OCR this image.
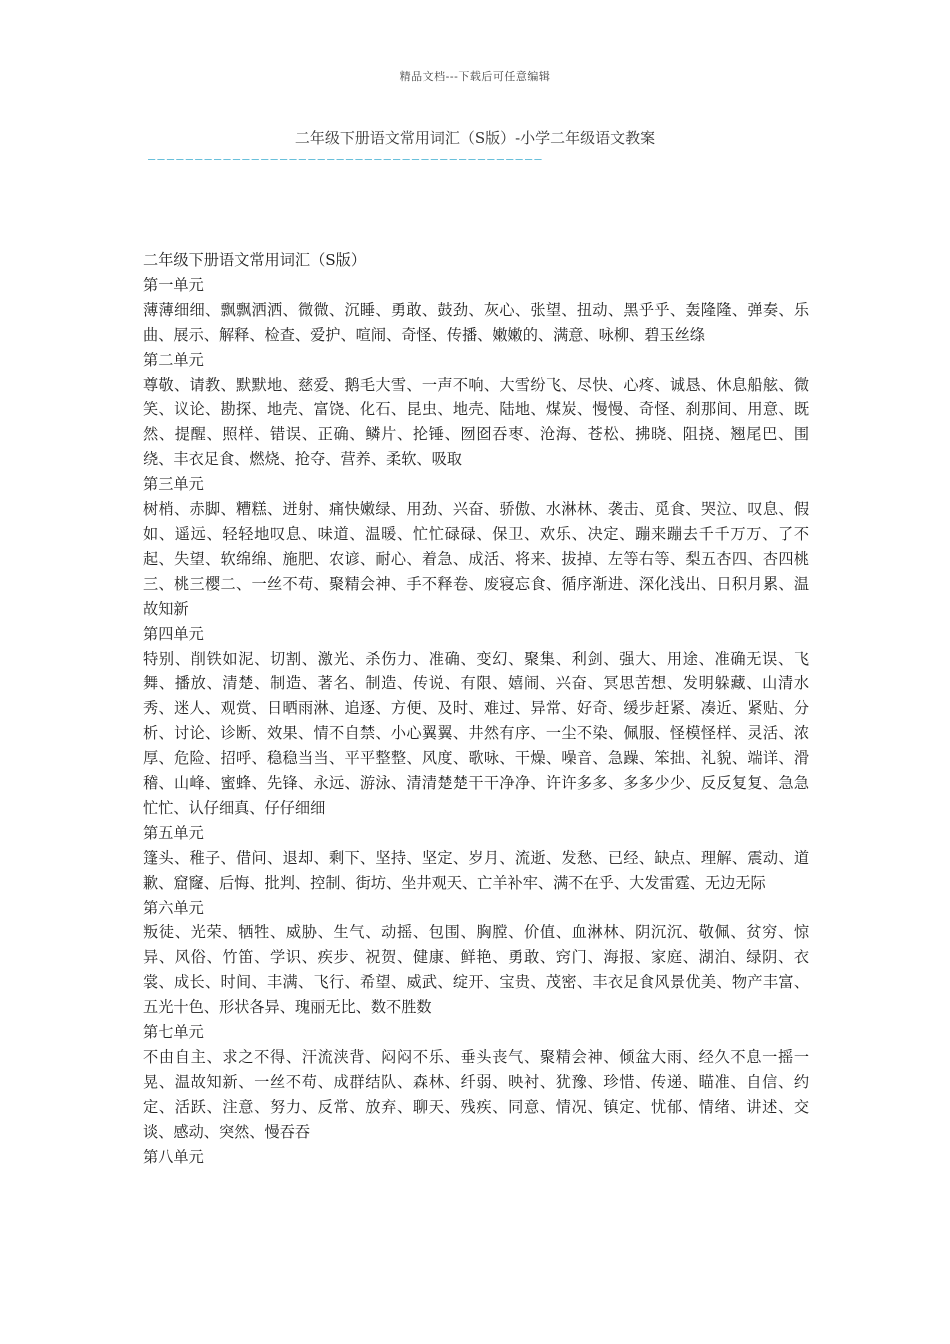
精品文档---下载后可任意编辑
二年级下册语文常用词汇（S版）-小学二年级语文教案
——————————————————————————————————————————

二年级下册语文常用词汇（S版）

第一单元

薄薄细细、飘飘洒洒、微微、沉睡、勇敢、鼓劲、灰心、张望、扭动、黑乎乎、轰隆隆、弹奏、乐曲、展示、解释、检查、爱护、喧闹、奇怪、传播、嫩嫩的、满意、咏柳、碧玉丝绦

第二单元

尊敬、请教、默默地、慈爱、鹅毛大雪、一声不响、大雪纷飞、尽快、心疼、诚恳、休息船舷、微笑、议论、勘探、地壳、富饶、化石、昆虫、地壳、陆地、煤炭、慢慢、奇怪、刹那间、用意、既然、提醒、照样、错误、正确、鳞片、抡锤、囫囵吞枣、沧海、苍松、拂晓、阻挠、翘尾巴、围绕、丰衣足食、燃烧、抢夺、营养、柔软、吸取

第三单元

树梢、赤脚、糟糕、迸射、痛快嫩绿、用劲、兴奋、骄傲、水淋林、袭击、觅食、哭泣、叹息、假如、遥远、轻轻地叹息、味道、温暖、忙忙碌碌、保卫、欢乐、决定、蹦来蹦去千千万万、了不起、失望、软绵绵、施肥、农谚、耐心、着急、成活、将来、拔掉、左等右等、梨五杏四、杏四桃三、桃三樱二、一丝不苟、聚精会神、手不释卷、废寝忘食、循序渐进、深化浅出、日积月累、温故知新

第四单元

特别、削铁如泥、切割、激光、杀伤力、准确、变幻、聚集、利剑、强大、用途、准确无误、飞舞、播放、清楚、制造、著名、制造、传说、有限、嬉闹、兴奋、冥思苦想、发明躲藏、山清水秀、迷人、观赏、日晒雨淋、追逐、方便、及时、难过、异常、好奇、缓步赶紧、凑近、紧贴、分析、讨论、诊断、效果、情不自禁、小心翼翼、井然有序、一尘不染、佩服、怪模怪样、灵活、浓厚、危险、招呼、稳稳当当、平平整整、风度、歌咏、干燥、噪音、急躁、笨拙、礼貌、端详、滑稽、山峰、蜜蜂、先锋、永远、游泳、清清楚楚干干净净、许许多多、多多少少、反反复复、急急忙忙、认仔细真、仔仔细细

第五单元

篷头、稚子、借问、退却、剩下、坚持、坚定、岁月、流逝、发愁、已经、缺点、理解、震动、道歉、窟窿、后悔、批判、控制、街坊、坐井观天、亡羊补牢、满不在乎、大发雷霆、无边无际

第六单元

叛徒、光荣、牺牲、威胁、生气、动摇、包围、胸膛、价值、血淋林、阴沉沉、敬佩、贫穷、惊异、风俗、竹笛、学识、疾步、祝贺、健康、鲜艳、勇敢、窍门、海报、家庭、湖泊、绿阴、衣裳、成长、时间、丰满、飞行、希望、威武、绽开、宝贵、茂密、丰衣足食风景优美、物产丰富、五光十色、形状各异、瑰丽无比、数不胜数

第七单元

不由自主、求之不得、汗流浃背、闷闷不乐、垂头丧气、聚精会神、倾盆大雨、经久不息一摇一晃、温故知新、一丝不苟、成群结队、森林、纤弱、映衬、犹豫、珍惜、传递、瞄准、自信、约定、活跃、注意、努力、反常、放弃、聊天、残疾、同意、情况、镇定、忧郁、情绪、讲述、交谈、感动、突然、慢吞吞

第八单元
